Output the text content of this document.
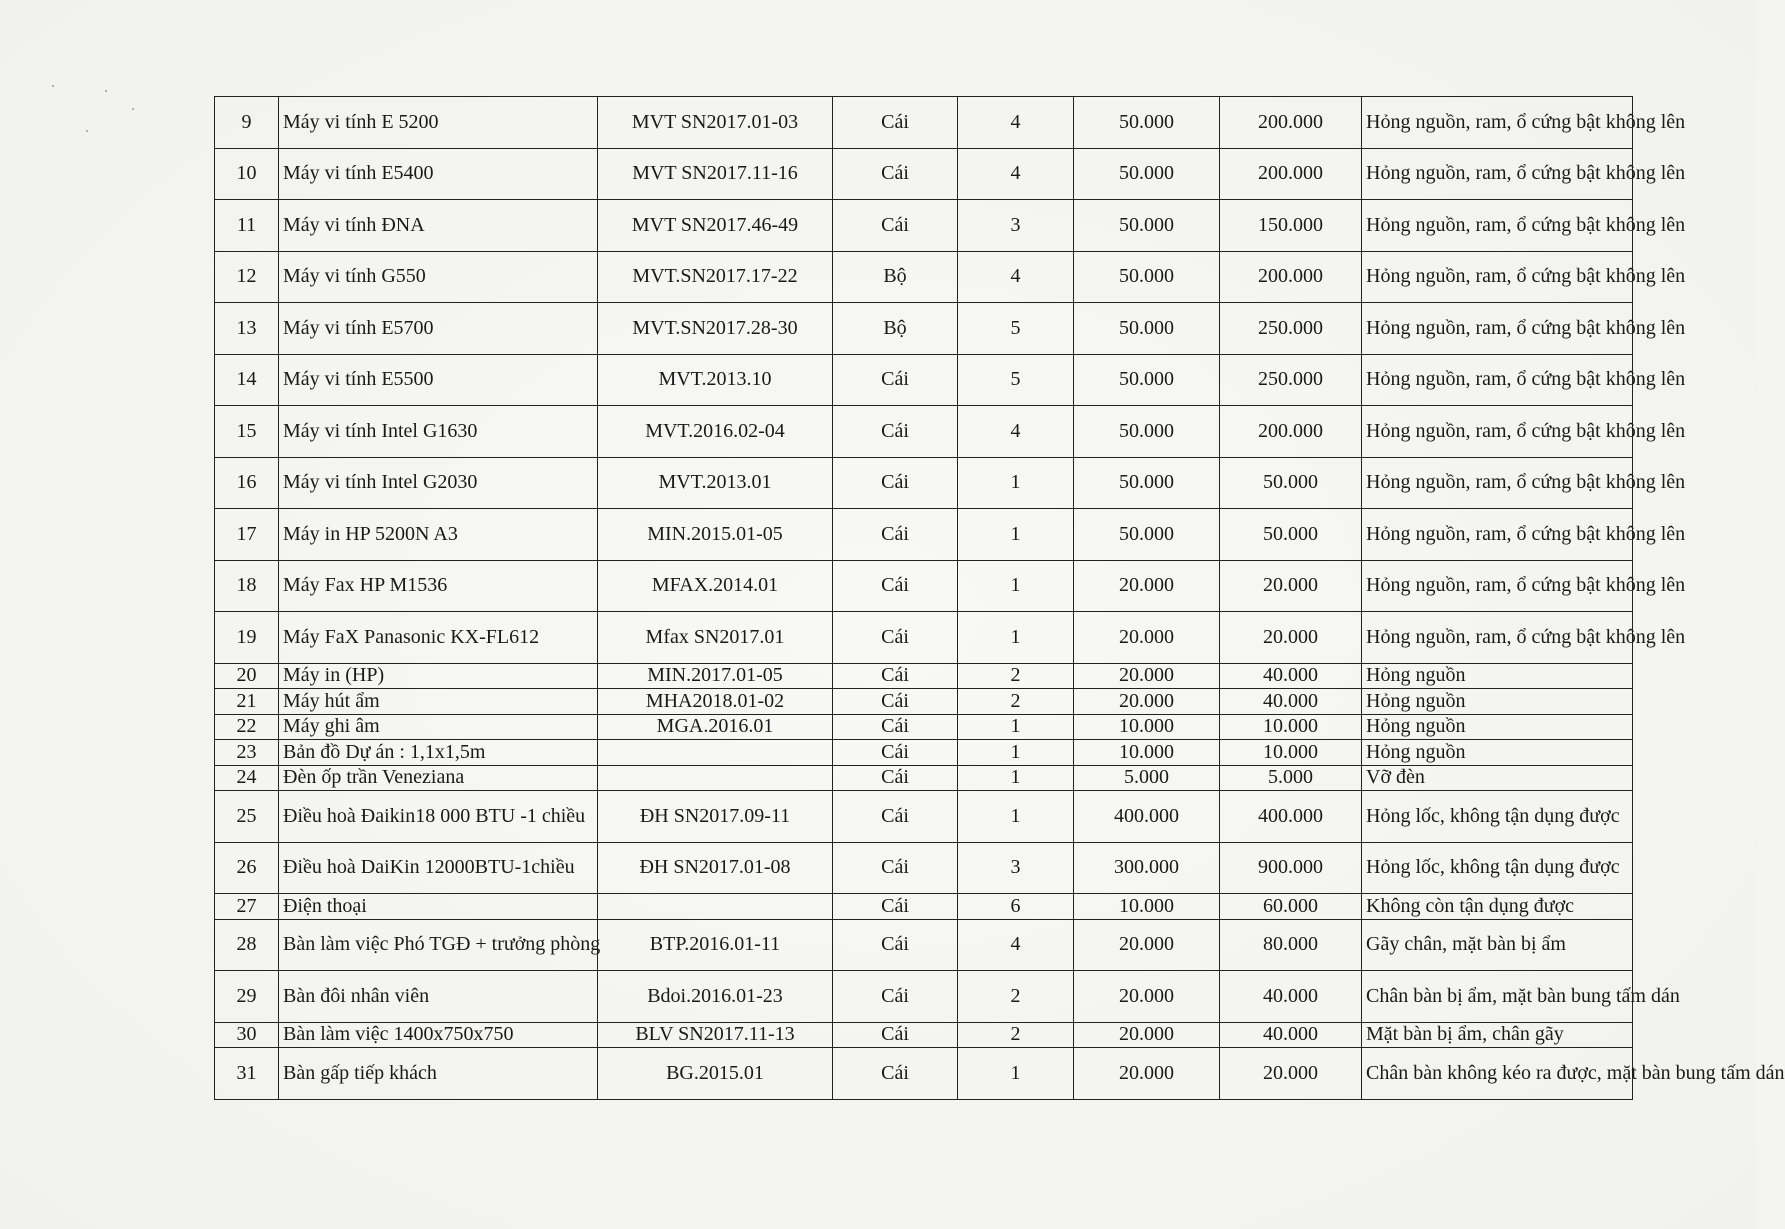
9	Máy vi tính E 5200	MVT SN2017.01-03	Cái	4	50.000	200.000	Hỏng nguồn, ram, ổ cứng bật không lên
10	Máy vi tính E5400	MVT SN2017.11-16	Cái	4	50.000	200.000	Hỏng nguồn, ram, ổ cứng bật không lên
11	Máy vi tính ĐNA	MVT SN2017.46-49	Cái	3	50.000	150.000	Hỏng nguồn, ram, ổ cứng bật không lên
12	Máy vi tính G550	MVT.SN2017.17-22	Bộ	4	50.000	200.000	Hỏng nguồn, ram, ổ cứng bật không lên
13	Máy vi tính E5700	MVT.SN2017.28-30	Bộ	5	50.000	250.000	Hỏng nguồn, ram, ổ cứng bật không lên
14	Máy vi tính E5500	MVT.2013.10	Cái	5	50.000	250.000	Hỏng nguồn, ram, ổ cứng bật không lên
15	Máy vi tính Intel G1630	MVT.2016.02-04	Cái	4	50.000	200.000	Hỏng nguồn, ram, ổ cứng bật không lên
16	Máy vi tính Intel G2030	MVT.2013.01	Cái	1	50.000	50.000	Hỏng nguồn, ram, ổ cứng bật không lên
17	Máy in HP 5200N A3	MIN.2015.01-05	Cái	1	50.000	50.000	Hỏng nguồn, ram, ổ cứng bật không lên
18	Máy Fax HP M1536	MFAX.2014.01	Cái	1	20.000	20.000	Hỏng nguồn, ram, ổ cứng bật không lên
19	Máy FaX Panasonic KX-FL612	Mfax SN2017.01	Cái	1	20.000	20.000	Hỏng nguồn, ram, ổ cứng bật không lên
20	Máy in (HP)	MIN.2017.01-05	Cái	2	20.000	40.000	Hỏng nguồn
21	Máy hút ẩm	MHA2018.01-02	Cái	2	20.000	40.000	Hỏng nguồn
22	Máy ghi âm	MGA.2016.01	Cái	1	10.000	10.000	Hỏng nguồn
23	Bản đồ Dự án : 1,1x1,5m		Cái	1	10.000	10.000	Hỏng nguồn
24	Đèn ốp trần Veneziana		Cái	1	5.000	5.000	Vỡ đèn
25	Điều hoà Đaikin18 000 BTU -1 chiều	ĐH SN2017.09-11	Cái	1	400.000	400.000	Hỏng lốc, không tận dụng được
26	Điều hoà DaiKin 12000BTU-1chiều	ĐH SN2017.01-08	Cái	3	300.000	900.000	Hỏng lốc, không tận dụng được
27	Điện thoại		Cái	6	10.000	60.000	Không còn tận dụng được
28	Bàn làm việc Phó TGĐ + trưởng phòng	BTP.2016.01-11	Cái	4	20.000	80.000	Gãy chân, mặt bàn bị ẩm
29	Bàn đôi nhân viên	Bdoi.2016.01-23	Cái	2	20.000	40.000	Chân bàn bị ẩm, mặt bàn bung tấm dán
30	Bàn làm việc 1400x750x750	BLV SN2017.11-13	Cái	2	20.000	40.000	Mặt bàn bị ẩm, chân gãy
31	Bàn gấp tiếp khách	BG.2015.01	Cái	1	20.000	20.000	Chân bàn không kéo ra được, mặt bàn bung tấm dán
